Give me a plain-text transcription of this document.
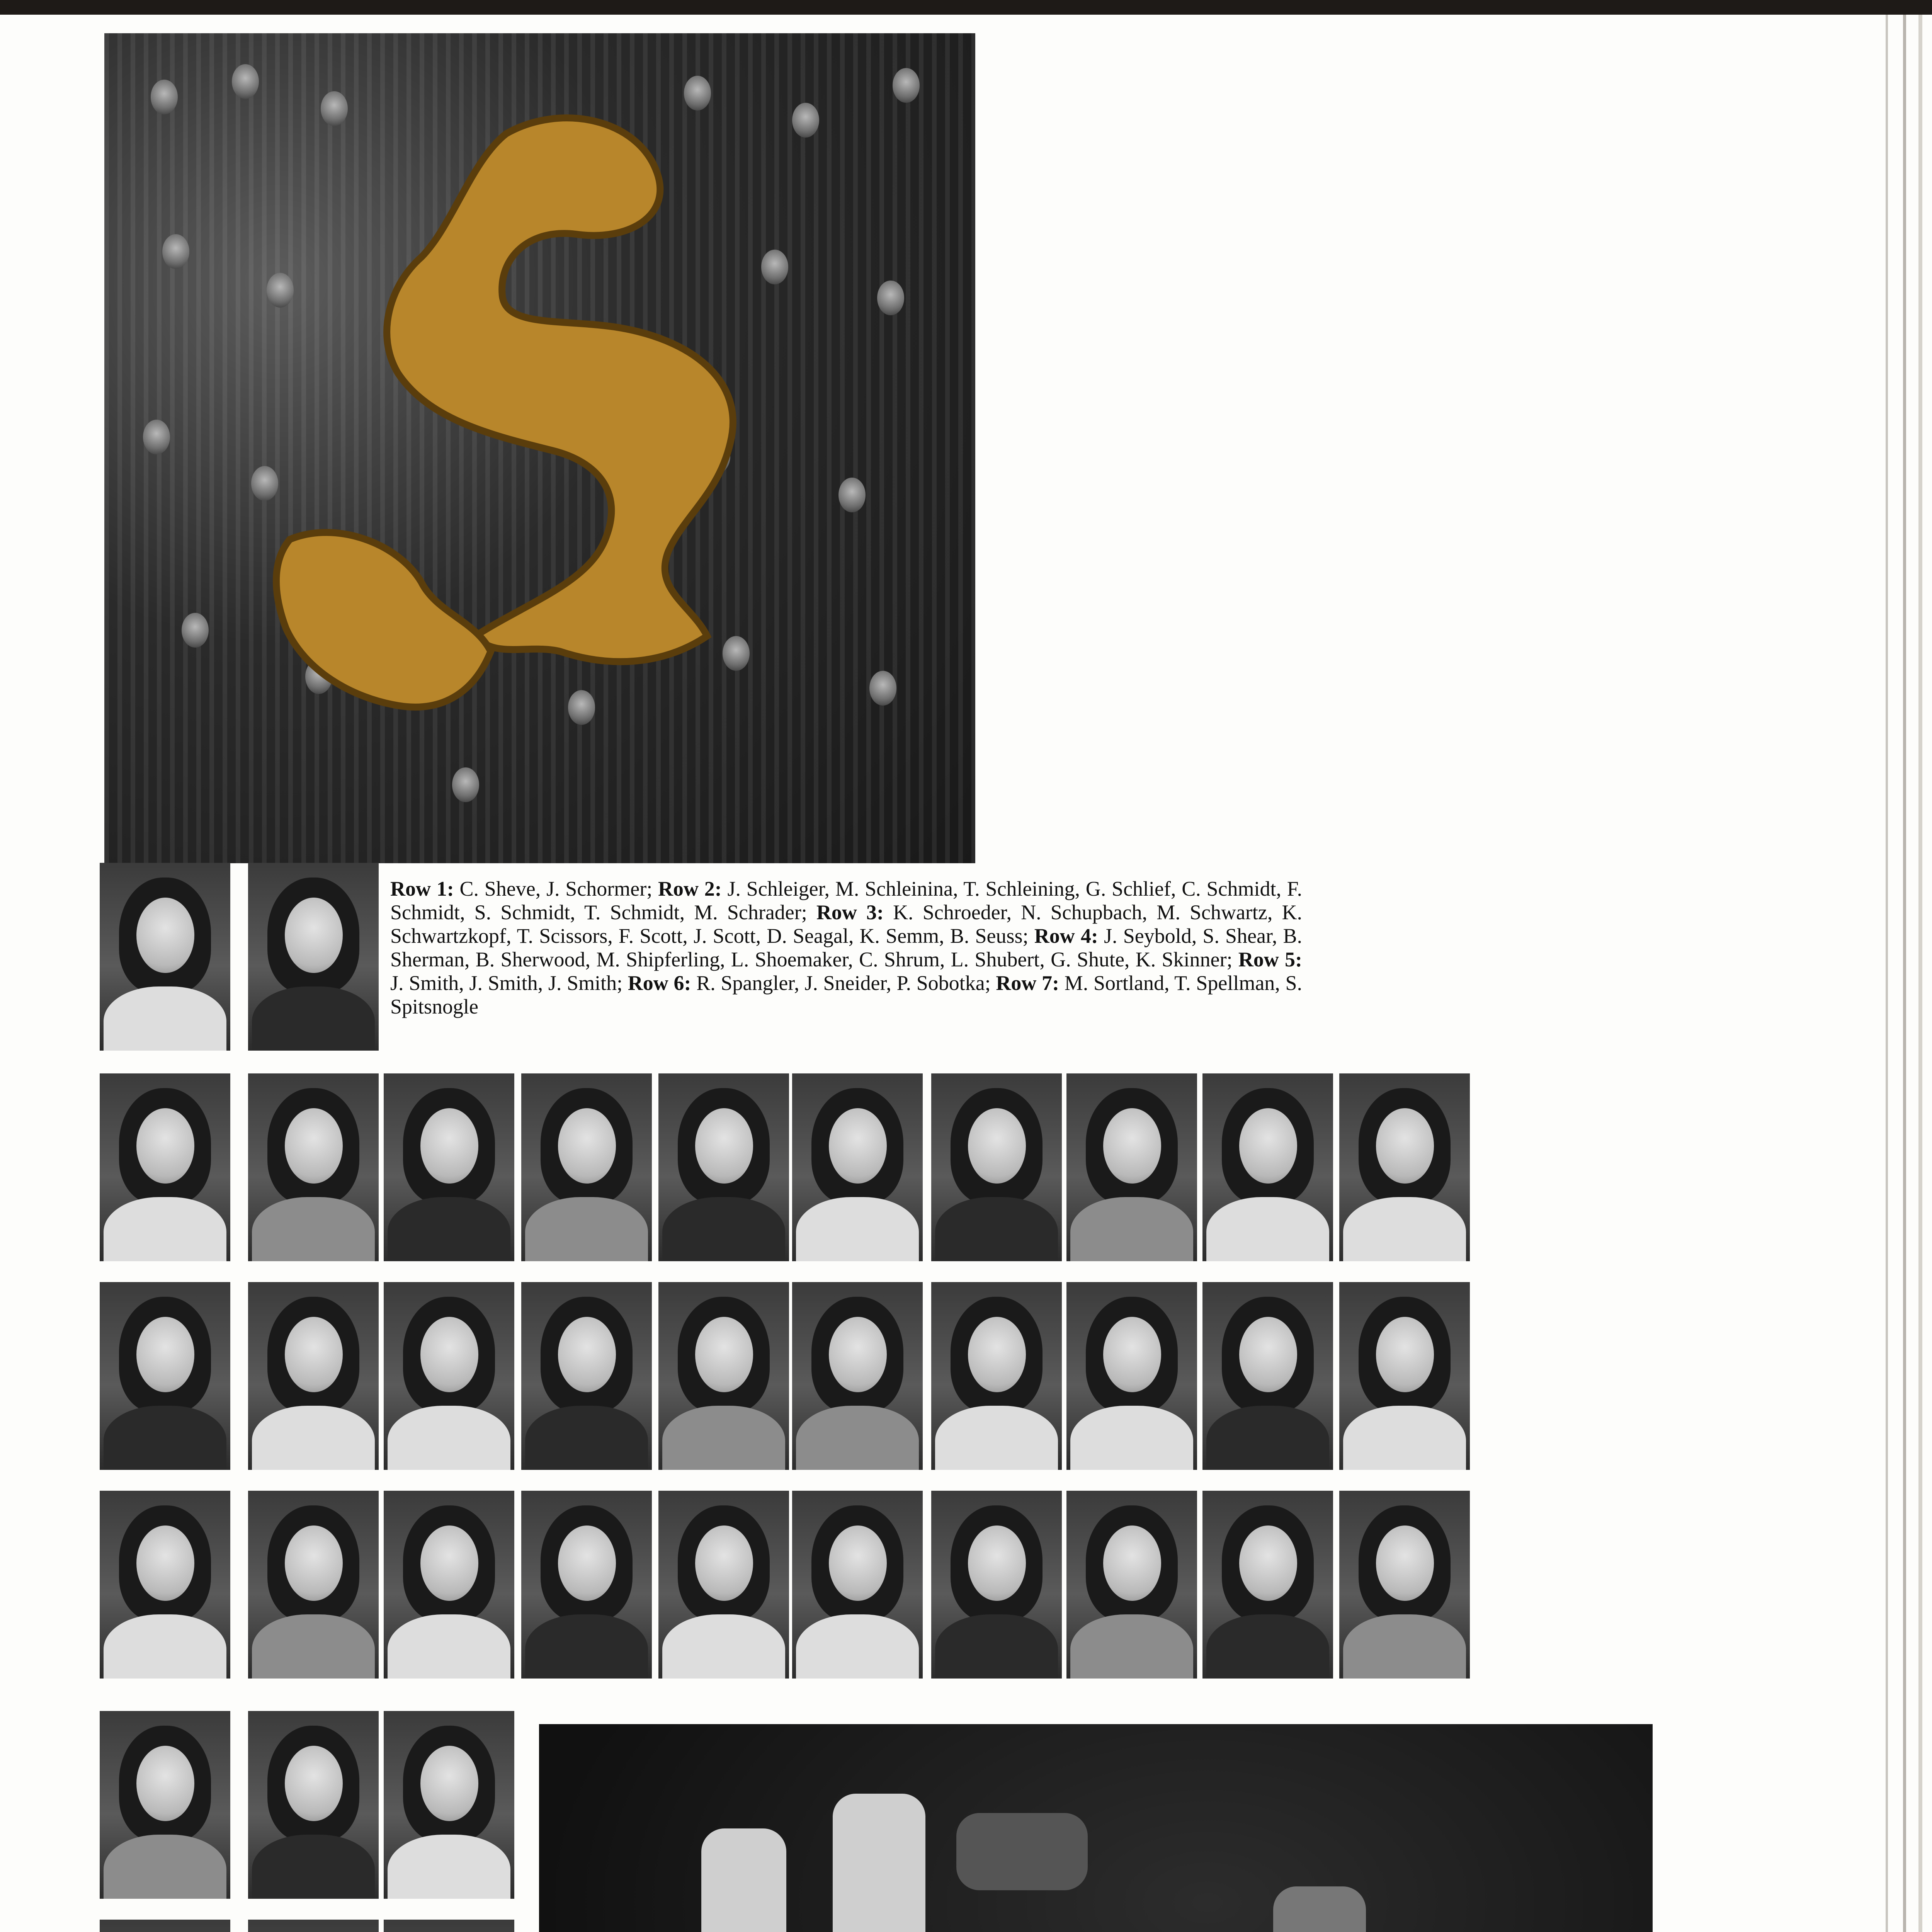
Row 1: C. Sheve, J. Schormer; Row 2: J. Schleiger, M. Schleinina, T. Schleining, G. Schlief, C. Schmidt, F. Schmidt, S. Schmidt, T. Schmidt, M. Schrader; Row 3: K. Schroeder, N. Schupbach, M. Schwartz, K. Schwartzkopf, T. Scissors, F. Scott, J. Scott, D. Seagal, K. Semm, B. Seuss; Row 4: J. Seybold, S. Shear, B. Sherman, B. Sherwood, M. Shipferling, L. Shoemaker, C. Shrum, L. Shubert, G. Shute, K. Skinner; Row 5: J. Smith, J. Smith, J. Smith; Row 6: R. Spangler, J. Sneider, P. Sobotka; Row 7: M. Sortland, T. Spellman, S. Spitsnogle
